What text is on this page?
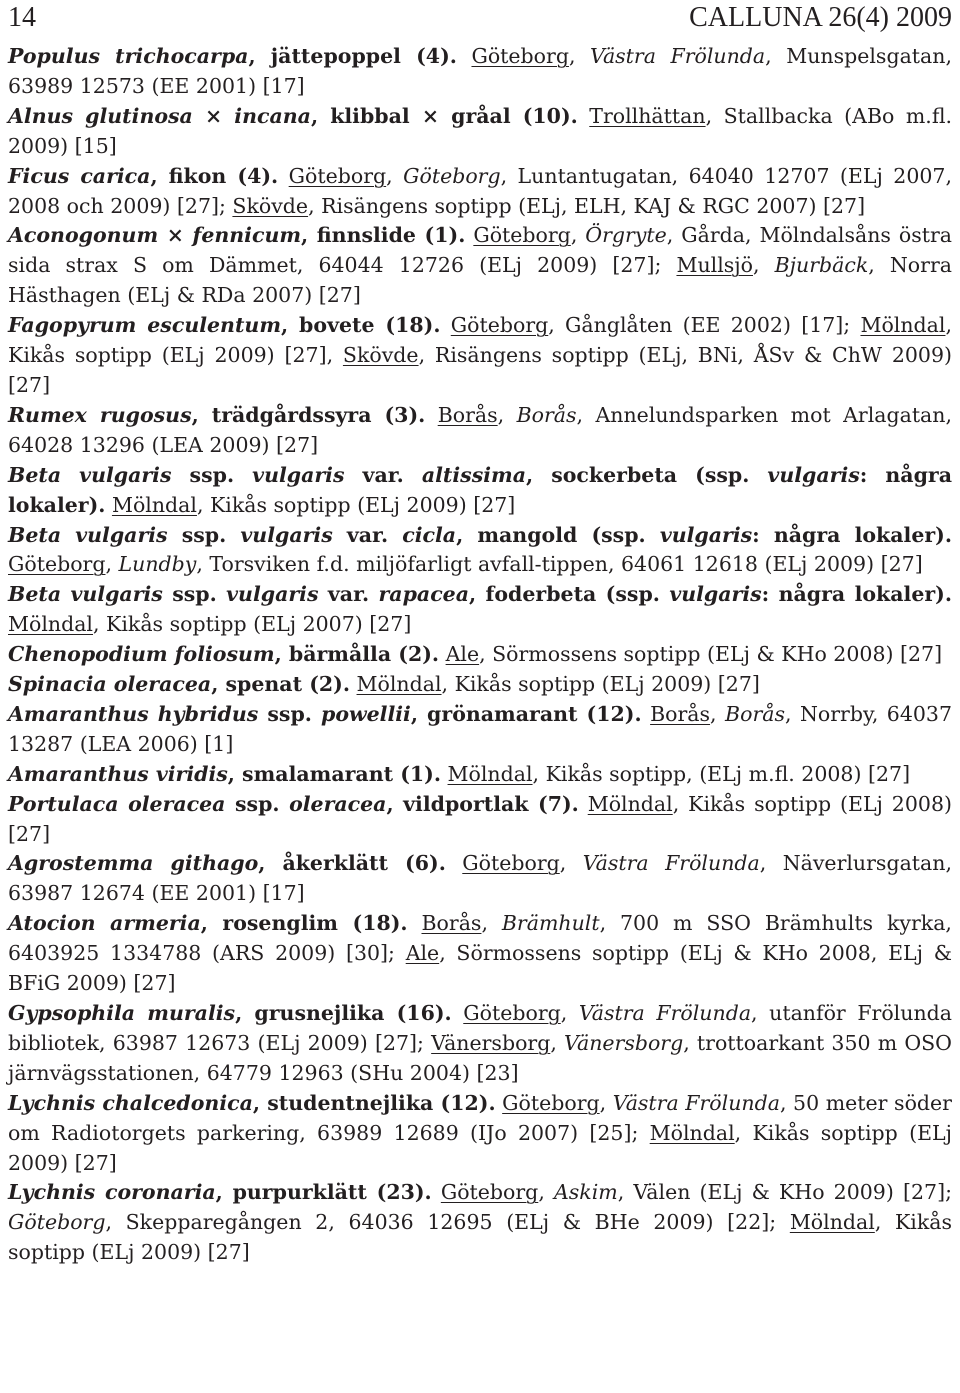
14	CALLUNA 26(4) 2009
Populus trichocarpa, jättepoppel (4). Göteborg, Västra Frölunda, Munspelsgatan, 63989 12573 (EE 2001) [17]
Alnus glutinosa × incana, klibbal × gråal (10). Trollhättan, Stallbacka (ABo m.fl. 2009) [15]
Ficus carica, fikon (4). Göteborg, Göteborg, Luntantugatan, 64040 12707 (ELj 2007, 2008 och 2009) [27]; Skövde, Risängens soptipp (ELj, ELH, KAJ & RGC 2007) [27]
Aconogonum × fennicum, finnslide (1). Göteborg, Örgryte, Gårda, Mölndalsåns östra sida strax S om Dämmet, 64044 12726 (ELj 2009) [27]; Mullsjö, Bjurbäck, Norra Hästhagen (ELj & RDa 2007) [27]
Fagopyrum esculentum, bovete (18). Göteborg, Gånglåten (EE 2002) [17]; Mölndal, Kikås soptipp (ELj 2009) [27], Skövde, Risängens soptipp (ELj, BNi, ÅSv & ChW 2009) [27]
Rumex rugosus, trädgårdssyra (3). Borås, Borås, Annelundsparken mot Arlagatan, 64028 13296 (LEA 2009) [27]
Beta vulgaris ssp. vulgaris var. altissima, sockerbeta (ssp. vulgaris: några lokaler). Mölndal, Kikås soptipp (ELj 2009) [27]
Beta vulgaris ssp. vulgaris var. cicla, mangold (ssp. vulgaris: några lokaler). Göteborg, Lundby, Torsviken f.d. miljöfarligt avfall-tippen, 64061 12618 (ELj 2009) [27]
Beta vulgaris ssp. vulgaris var. rapacea, foderbeta (ssp. vulgaris: några lokaler). Mölndal, Kikås soptipp (ELj 2007) [27]
Chenopodium foliosum, bärmålla (2). Ale, Sörmossens soptipp (ELj & KHo 2008) [27]
Spinacia oleracea, spenat (2). Mölndal, Kikås soptipp (ELj 2009) [27]
Amaranthus hybridus ssp. powellii, grönamarant (12). Borås, Borås, Norrby, 64037 13287 (LEA 2006) [1]
Amaranthus viridis, smalamarant (1). Mölndal, Kikås soptipp, (ELj m.fl. 2008) [27]
Portulaca oleracea ssp. oleracea, vildportlak (7). Mölndal, Kikås soptipp (ELj 2008) [27]
Agrostemma githago, åkerklätt (6). Göteborg, Västra Frölunda, Näverlursgatan, 63987 12674 (EE 2001) [17]
Atocion armeria, rosenglim (18). Borås, Brämhult, 700 m SSO Brämhults kyrka, 6403925 1334788 (ARS 2009) [30]; Ale, Sörmossens soptipp (ELj & KHo 2008, ELj & BFiG 2009) [27]
Gypsophila muralis, grusnejlika (16). Göteborg, Västra Frölunda, utanför Frölunda bibliotek, 63987 12673 (ELj 2009) [27]; Vänersborg, Vänersborg, trottoarkant 350 m OSO järnvägsstationen, 64779 12963 (SHu 2004) [23]
Lychnis chalcedonica, studentnejlika (12). Göteborg, Västra Frölunda, 50 meter söder om Radiotorgets parkering, 63989 12689 (IJo 2007) [25]; Mölndal, Kikås soptipp (ELj 2009) [27]
Lychnis coronaria, purpurklätt (23). Göteborg, Askim, Välen (ELj & KHo 2009) [27]; Göteborg, Skepparegången 2, 64036 12695 (ELj & BHe 2009) [22]; Mölndal, Kikås soptipp (ELj 2009) [27]
